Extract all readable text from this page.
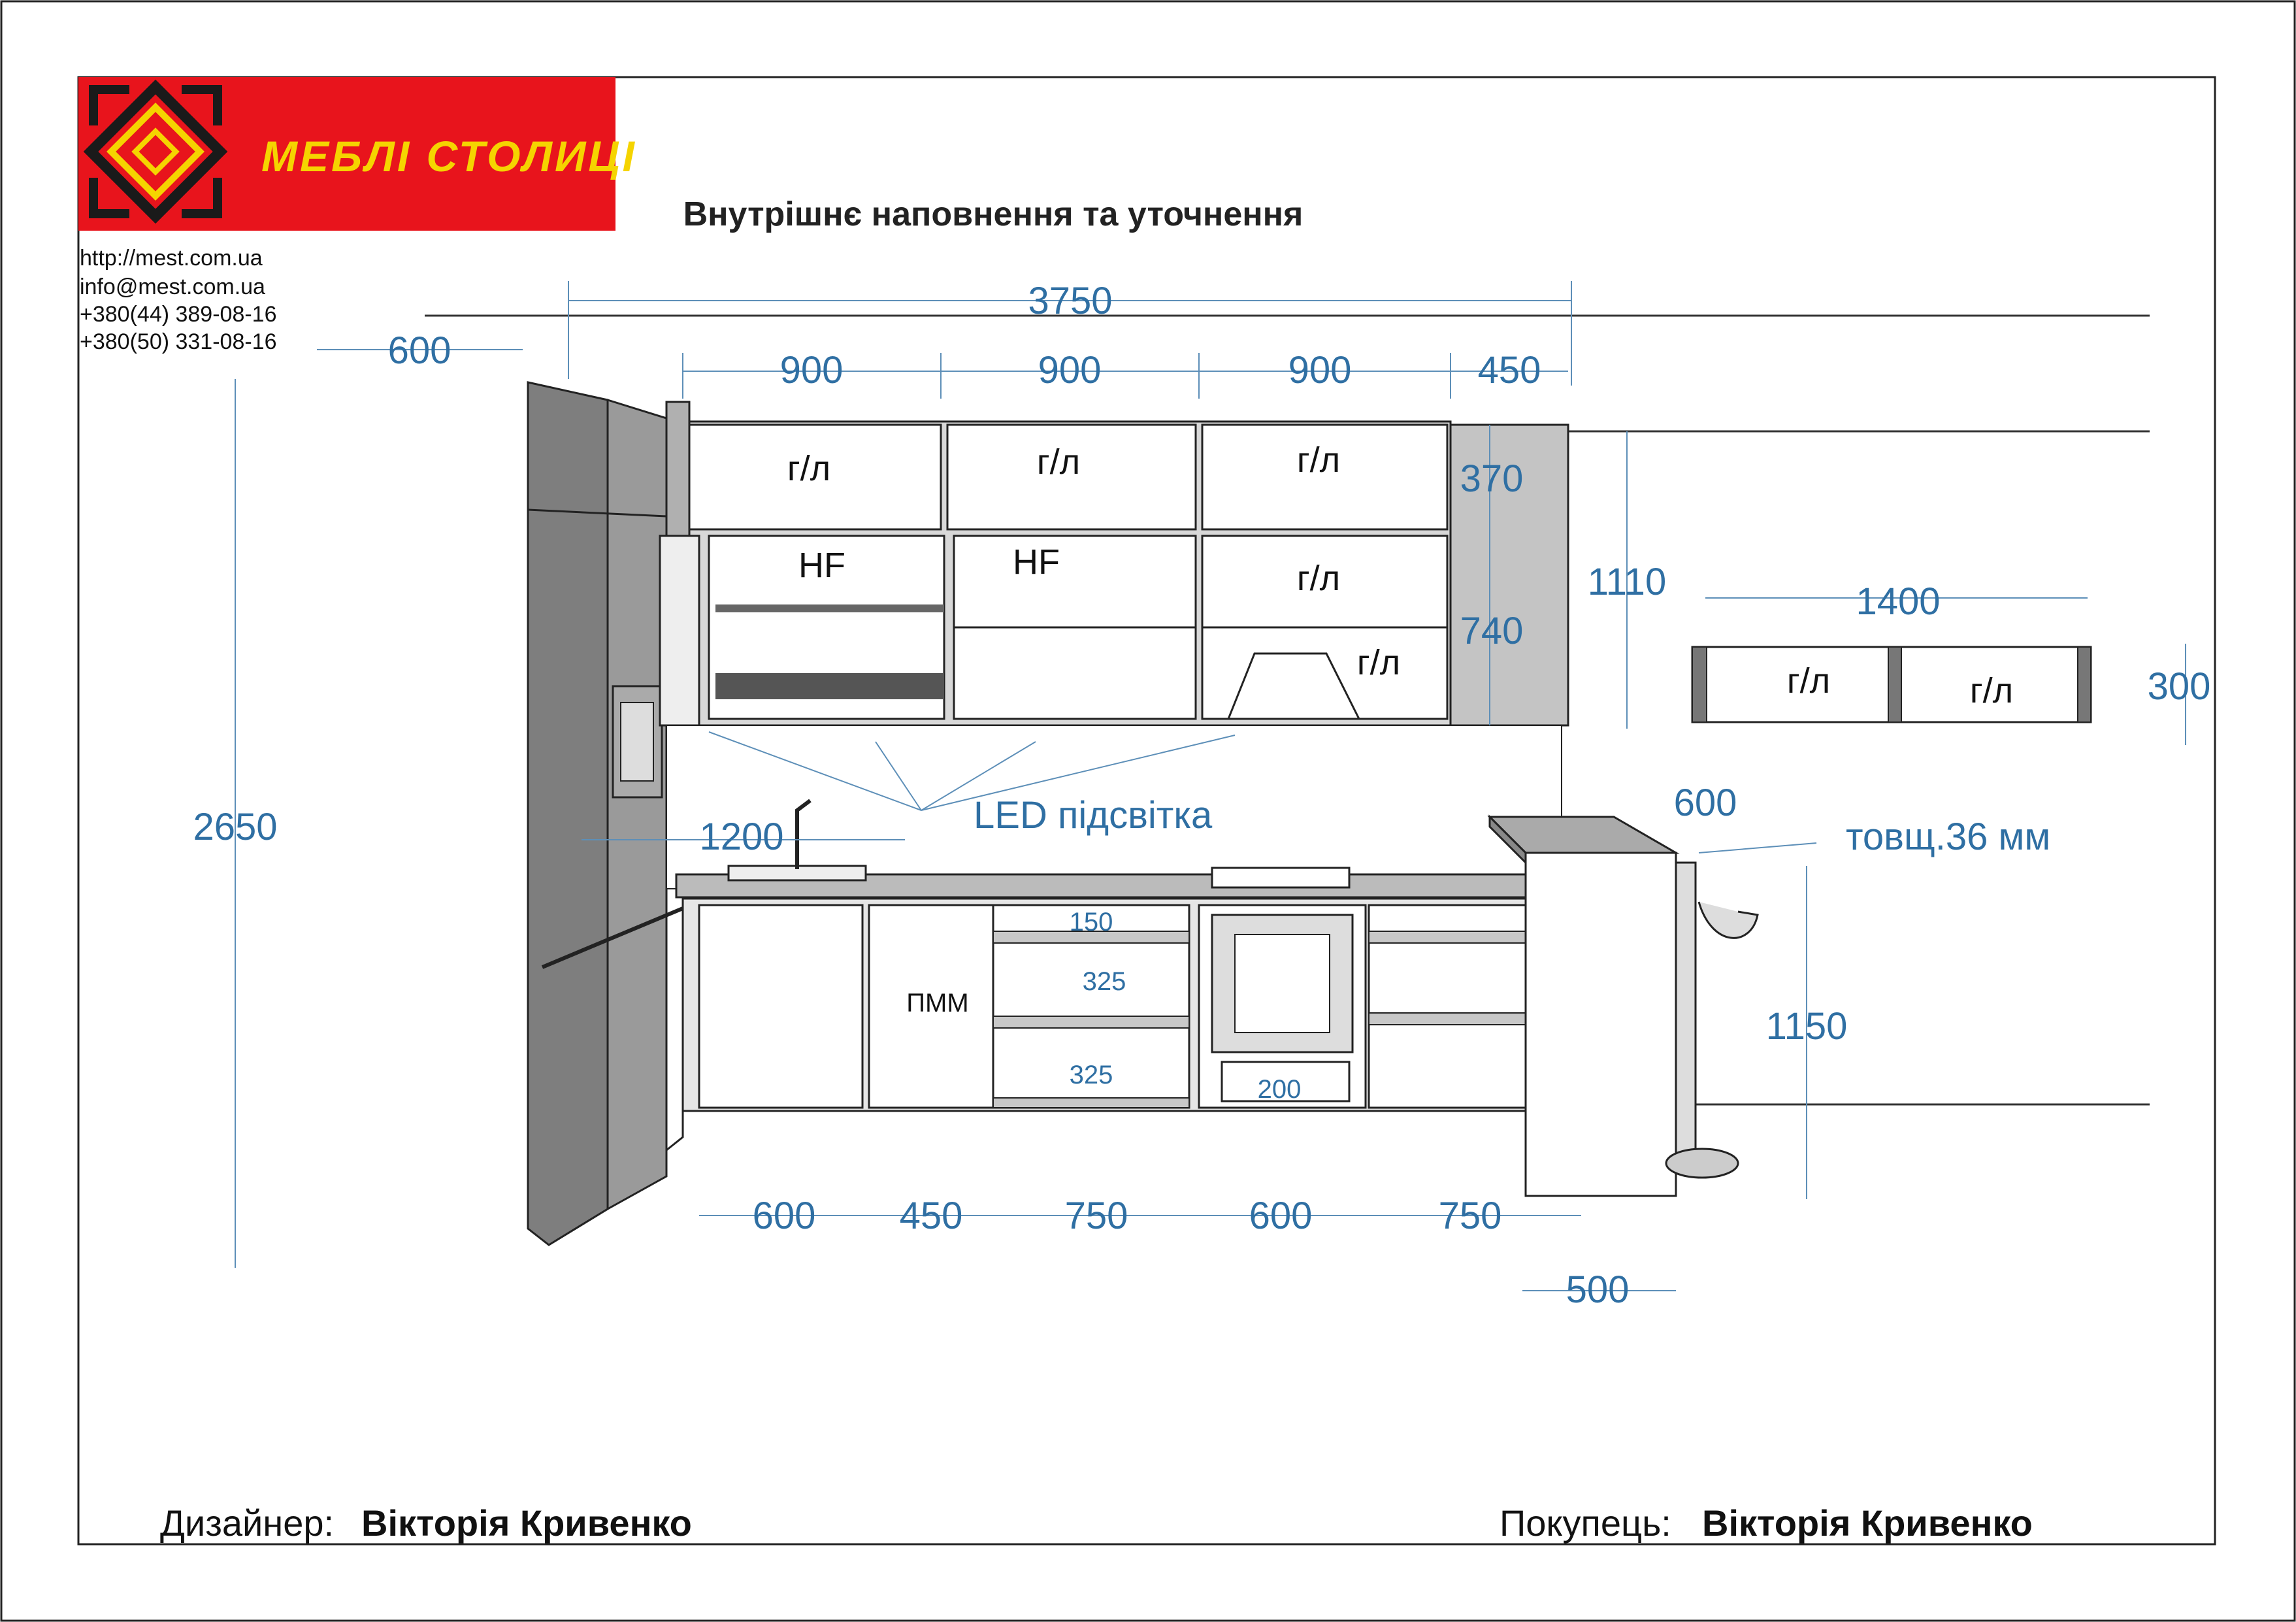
МЕБЛІ СТОЛИЦІ
http://mest.com.ua
info@mest.com.ua
+380(44) 389-08-16
+380(50) 331-08-16
Внутрішнє наповнення та уточнення
3750
600	900	900	900	450
370
740
1110	1400
300
2650	1200
600
товщ.36 мм
1150
150
325
325	200
600 450	750	600	750
500
г/л	г/л	г/л
HF	HF	г/л
г/л	г/л	г/л
LED підсвітка
ПММ
Дизайнер: Вікторія Кривенко	Покупець: Вікторія Кривенко
